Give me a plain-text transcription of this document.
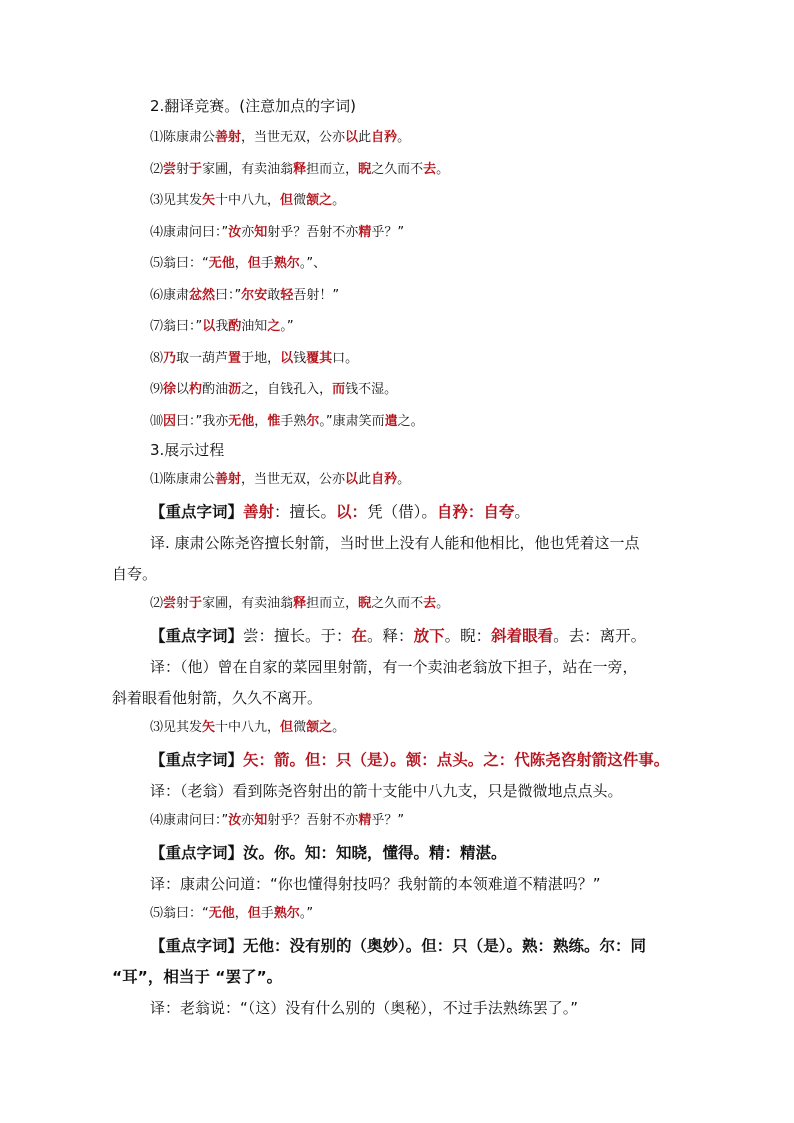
2.翻译竞赛。(注意加点的字词)
⑴陈康肃公善射，当世无双，公亦以此自矜。
⑵尝射于家圃，有卖油翁释担而立，睨之久而不去。
⑶见其发矢十中八九，但微颔之。
⑷康肃问曰：”汝亦知射乎？吾射不亦精乎？”
⑸翁曰：“无他，但手熟尔。”、
⑹康肃忿然曰：”尔安敢轻吾射！”
⑺翁曰：”以我酌油知之。”
⑻乃取一葫芦置于地，以钱覆其口。
⑼徐以杓酌油沥之，自钱孔入，而钱不湿。
⑽因曰：”我亦无他，惟手熟尔。”康肃笑而遣之。
3.展示过程
⑴陈康肃公善射，当世无双，公亦以此自矜。
【重点字词】善射：擅长。以：凭（借）。自矜：自夸。
译. 康肃公陈尧咨擅长射箭，当时世上没有人能和他相比，他也凭着这一点
自夸。
⑵尝射于家圃，有卖油翁释担而立，睨之久而不去。
【重点字词】尝：擅长。于：在。释：放下。睨：斜着眼看。去：离开。
译：（他）曾在自家的菜园里射箭，有一个卖油老翁放下担子，站在一旁，
斜着眼看他射箭，久久不离开。
⑶见其发矢十中八九，但微颔之。
【重点字词】矢：箭。但：只（是）。颔：点头。之：代陈尧咨射箭这件事。
译：（老翁）看到陈尧咨射出的箭十支能中八九支，只是微微地点点头。
⑷康肃问曰：”汝亦知射乎？吾射不亦精乎？”
【重点字词】汝。你。知：知晓，懂得。精：精湛。
译：康肃公问道：“你也懂得射技吗？我射箭的本领难道不精湛吗？”
⑸翁曰：“无他，但手熟尔。”
【重点字词】无他：没有别的（奥妙）。但：只（是）。熟：熟练。尔：同
“耳”，相当于 “罢了”。
译：老翁说：“（这）没有什么别的（奥秘），不过手法熟练罢了。”
